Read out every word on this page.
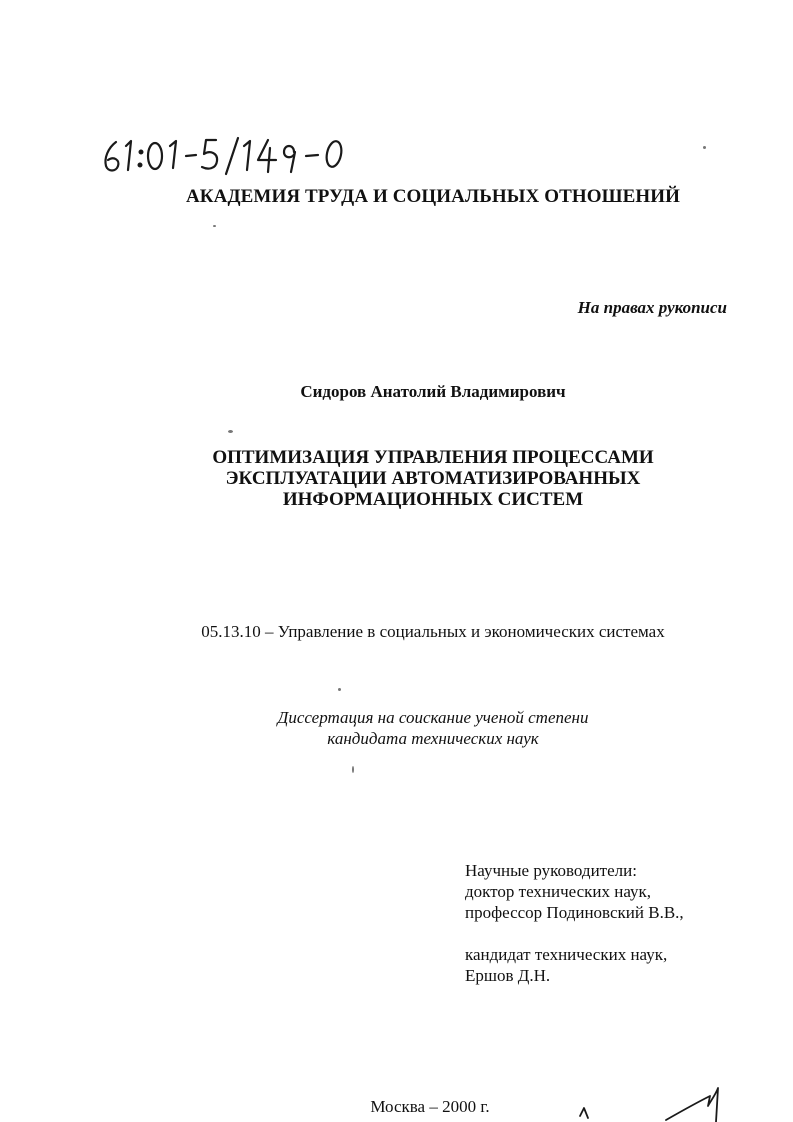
АКАДЕМИЯ ТРУДА И СОЦИАЛЬНЫХ ОТНОШЕНИЙ
На правах рукописи
Сидоров Анатолий Владимирович
ОПТИМИЗАЦИЯ УПРАВЛЕНИЯ ПРОЦЕССАМИ
ЭКСПЛУАТАЦИИ АВТОМАТИЗИРОВАННЫХ
ИНФОРМАЦИОННЫХ СИСТЕМ
05.13.10 – Управление в социальных и экономических системах
Диссертация на соискание ученой степени
кандидата технических наук
Научные руководители:
доктор технических наук,
профессор Подиновский В.В.,
кандидат технических наук,
Ершов Д.Н.
Москва – 2000 г.
